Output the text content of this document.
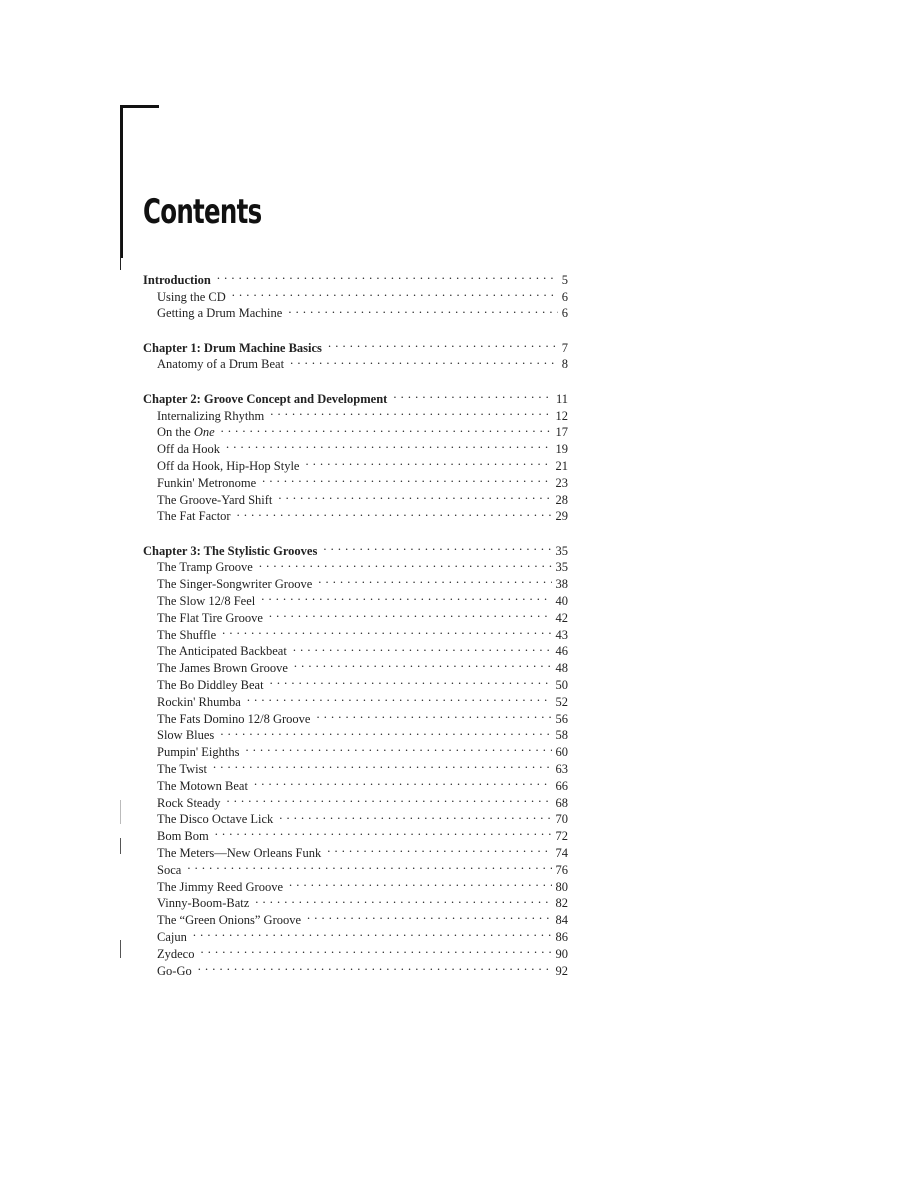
Contents
Introduction . . .	5
Using the CD . . .	6
Getting a Drum Machine . . .	6
Chapter 1: Drum Machine Basics . . .	7
Anatomy of a Drum Beat . . .	8
Chapter 2: Groove Concept and Development . . .	11
Internalizing Rhythm . . .	12
On the One . . .	17
Off da Hook . . .	19
Off da Hook, Hip-Hop Style . . .	21
Funkin' Metronome . . .	23
The Groove-Yard Shift . . .	28
The Fat Factor . . .	29
Chapter 3: The Stylistic Grooves . . .	35
The Tramp Groove . . .	35
The Singer-Songwriter Groove . . .	38
The Slow 12/8 Feel . . .	40
The Flat Tire Groove . . .	42
The Shuffle . . .	43
The Anticipated Backbeat . . .	46
The James Brown Groove . . .	48
The Bo Diddley Beat . . .	50
Rockin' Rhumba . . .	52
The Fats Domino 12/8 Groove . . .	56
Slow Blues . . .	58
Pumpin' Eighths . . .	60
The Twist . . .	63
The Motown Beat . . .	66
Rock Steady . . .	68
The Disco Octave Lick . . .	70
Bom Bom . . .	72
The Meters—New Orleans Funk . . .	74
Soca . . .	76
The Jimmy Reed Groove . . .	80
Vinny-Boom-Batz . . .	82
The “Green Onions” Groove . . .	84
Cajun . . .	86
Zydeco . . .	90
Go-Go . . .	92
